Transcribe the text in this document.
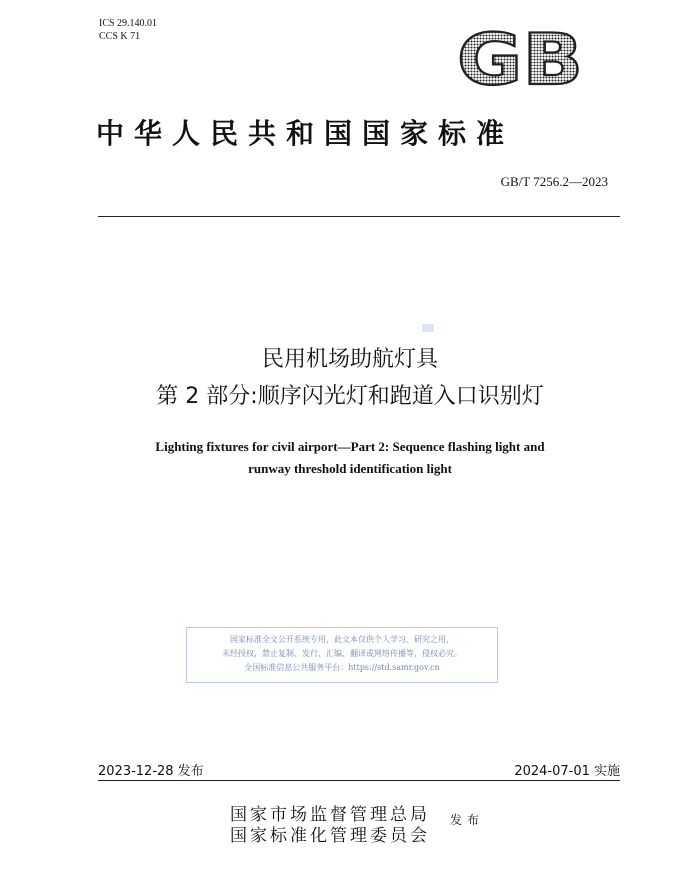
ICS 29.140.01
CCS K 71	GB
中华人民共和国国家标准
GB/T 7256.2—2023
民用机场助航灯具
第 2 部分:顺序闪光灯和跑道入口识别灯
Lighting fixtures for civil airport—Part 2: Sequence flashing light and
runway threshold identification light
国家标准全文公开系统专用，此文本仅供个人学习、研究之用，
未经授权，禁止复制、发行、汇编、翻译或网络传播等，侵权必究。
全国标准信息公共服务平台：https://std.samr.gov.cn
2023-12-28 发布	2024-07-01 实施
国家市场监督管理总局
国家标准化管理委员会
发布
